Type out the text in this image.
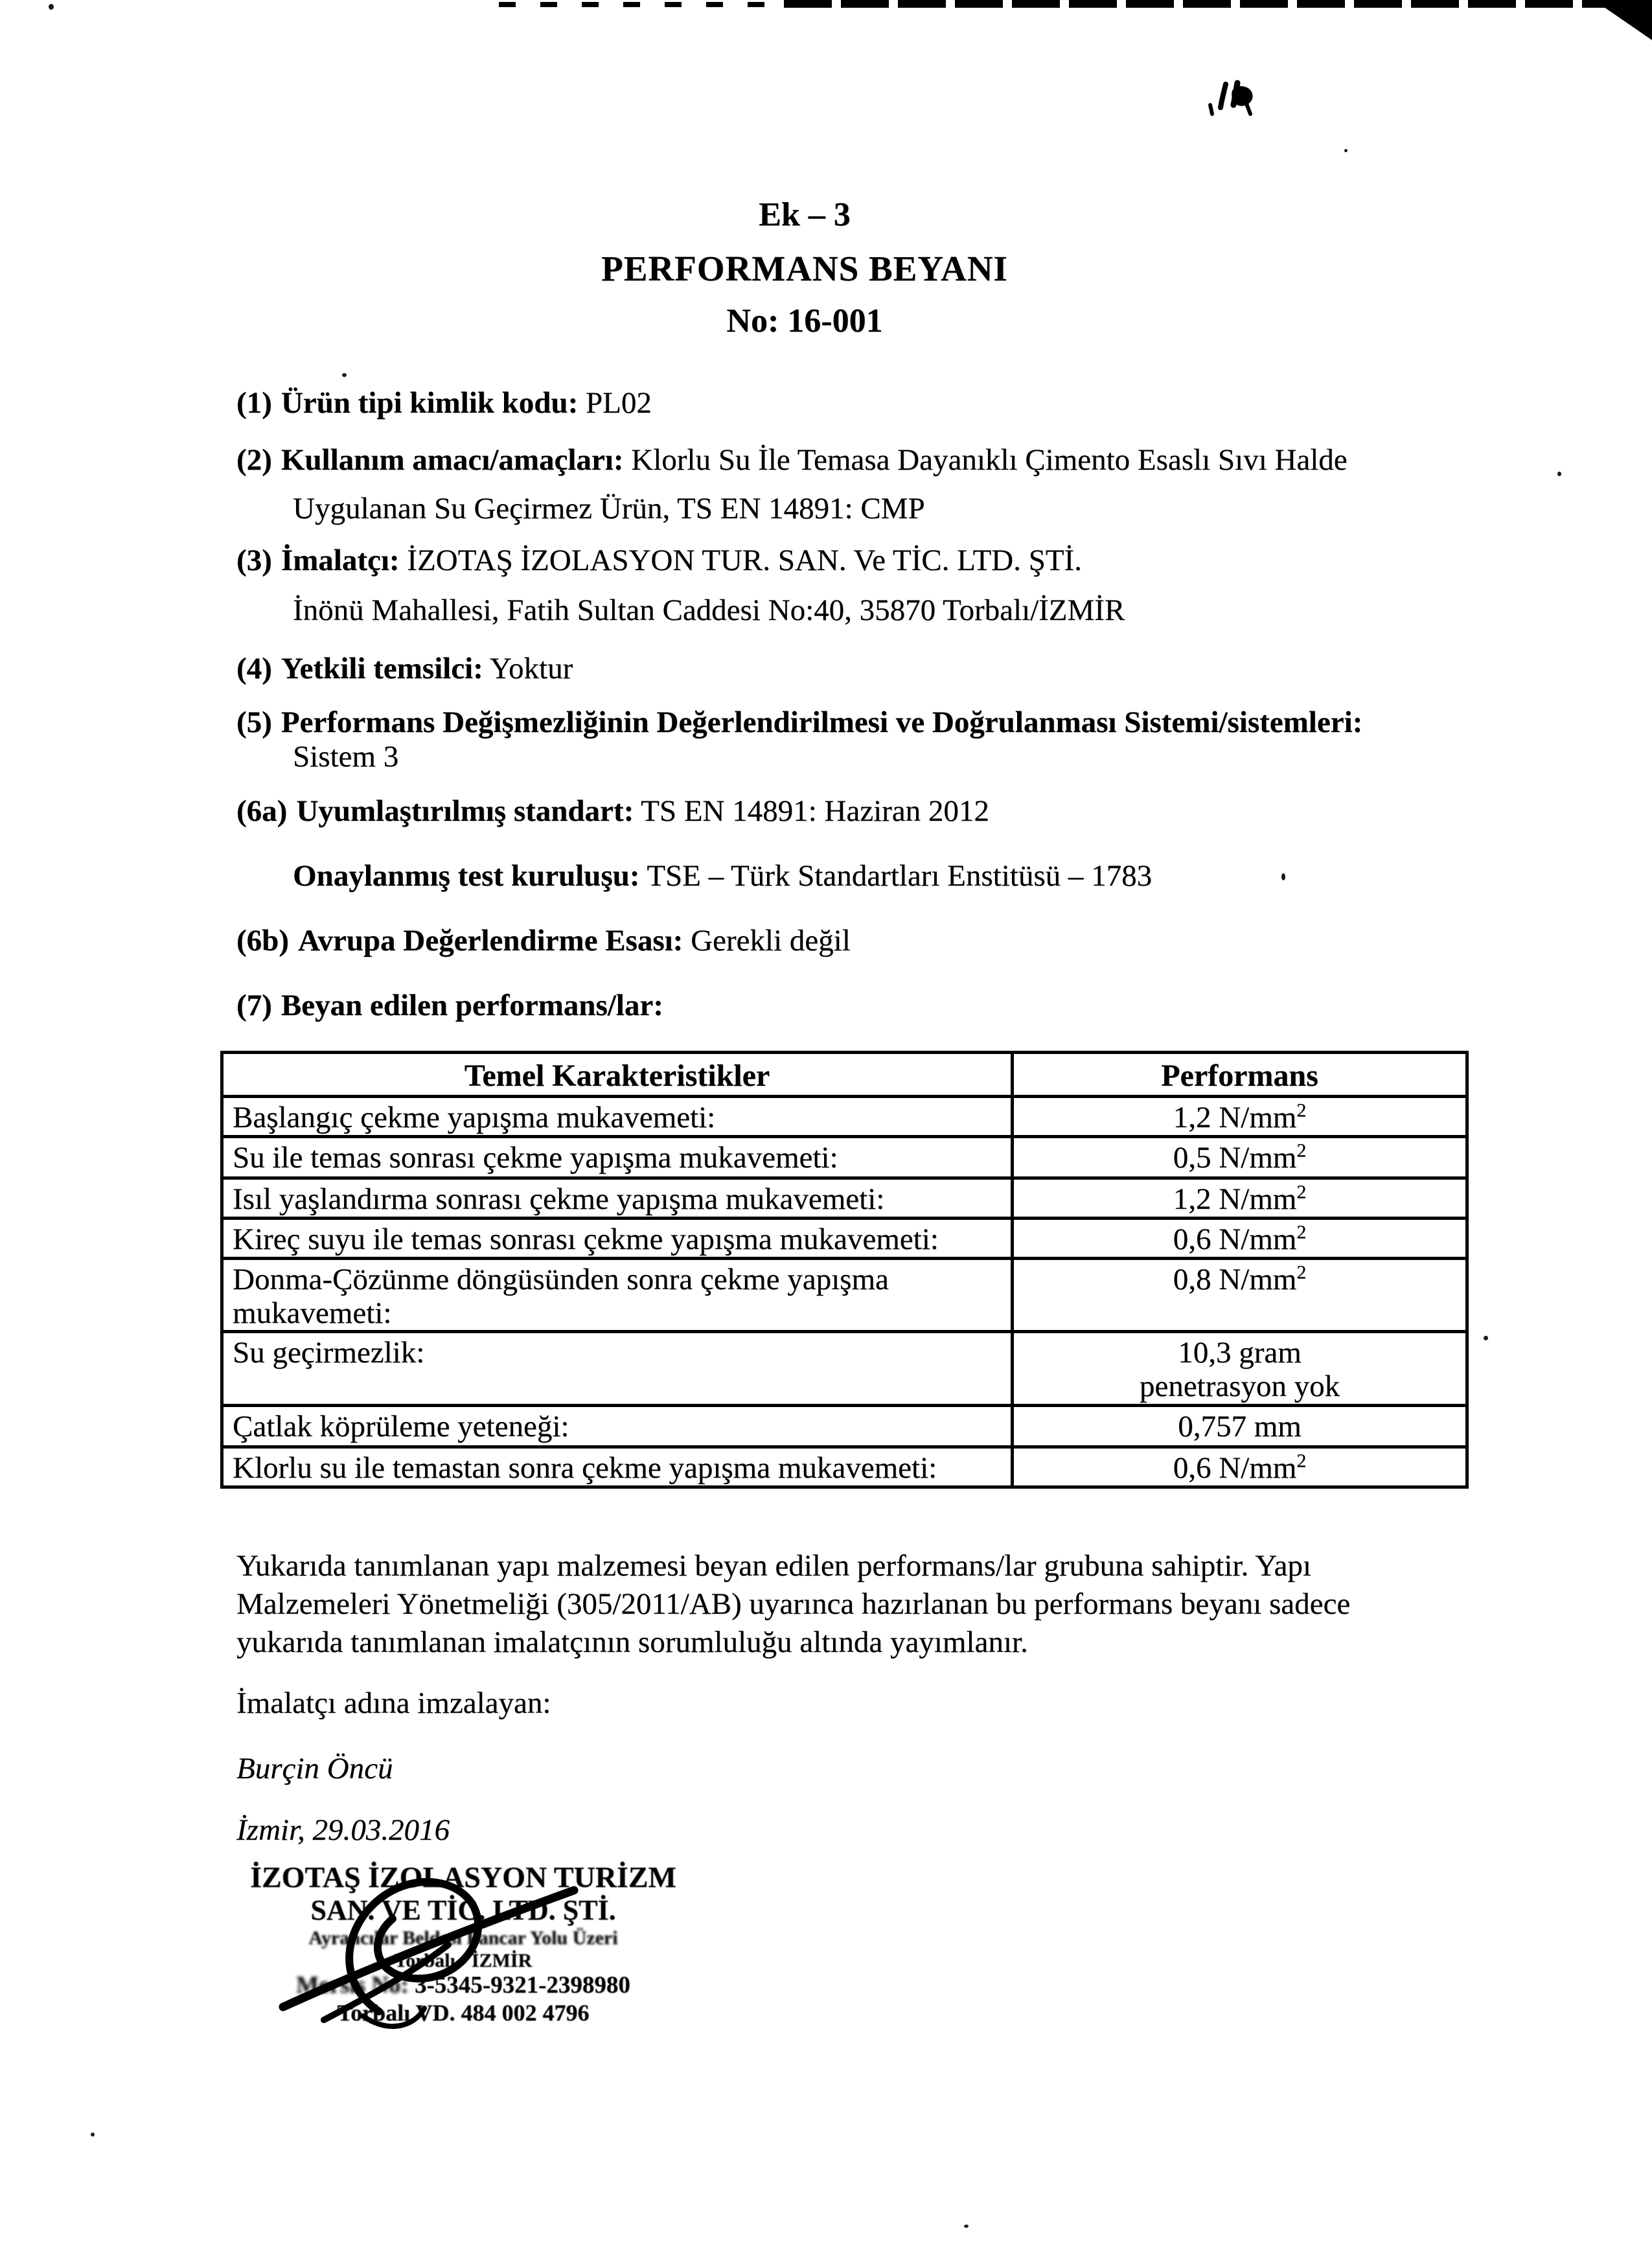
Ek – 3
PERFORMANS BEYANI
No: 16-001
(1) Ürün tipi kimlik kodu: PL02
(2) Kullanım amacı/amaçları: Klorlu Su İle Temasa Dayanıklı Çimento Esaslı Sıvı Halde
Uygulanan Su Geçirmez Ürün, TS EN 14891: CMP
(3) İmalatçı: İZOTAŞ İZOLASYON TUR. SAN. Ve TİC. LTD. ŞTİ.
İnönü Mahallesi, Fatih Sultan Caddesi No:40, 35870 Torbalı/İZMİR
(4) Yetkili temsilci: Yoktur
(5) Performans Değişmezliğinin Değerlendirilmesi ve Doğrulanması Sistemi/sistemleri:
Sistem 3
(6a) Uyumlaştırılmış standart: TS EN 14891: Haziran 2012
Onaylanmış test kuruluşu: TSE – Türk Standartları Enstitüsü – 1783
(6b) Avrupa Değerlendirme Esası: Gerekli değil
(7) Beyan edilen performans/lar:
Temel Karakteristikler	Performans
Başlangıç çekme yapışma mukavemeti:	1,2 $N/mm^2$
Su ile temas sonrası çekme yapışma mukavemeti:	0,5 $N/mm^2$
Isıl yaşlandırma sonrası çekme yapışma mukavemeti:	1,2 $N/mm^2$
Kireç suyu ile temas sonrası çekme yapışma mukavemeti:	0,6 $N/mm^2$

Donma-Çözünme döngüsünden sonra çekme yapışma
mukavemeti:	0,8 $N/mm^2$
Su geçirmezlik:	10,3 gram
penetrasyon yok

Çatlak köprüleme yeteneği:	0,757 mm
Klorlu su ile temastan sonra çekme yapışma mukavemeti:	0,6 $N/mm^2$
Yukarıda tanımlanan yapı malzemesi beyan edilen performans/lar grubuna sahiptir. Yapı Malzemeleri Yönetmeliği (305/2011/AB) uyarınca hazırlanan bu performans beyanı sadece yukarıda tanımlanan imalatçının sorumluluğu altında yayımlanır.
İmalatçı adına imzalayan:
Burçin Öncü
İzmir, 29.03.2016
İZOTAŞ İZOLASYON TURİZM
SAN. VE TİC. LTD. ŞTİ.
Ayrancılar Beldesi Pancar Yolu Üzeri
Torbalı - İZMİR
Mersis No: 3-5345-9321-2398980
Torbalı VD. 484 002 4796
